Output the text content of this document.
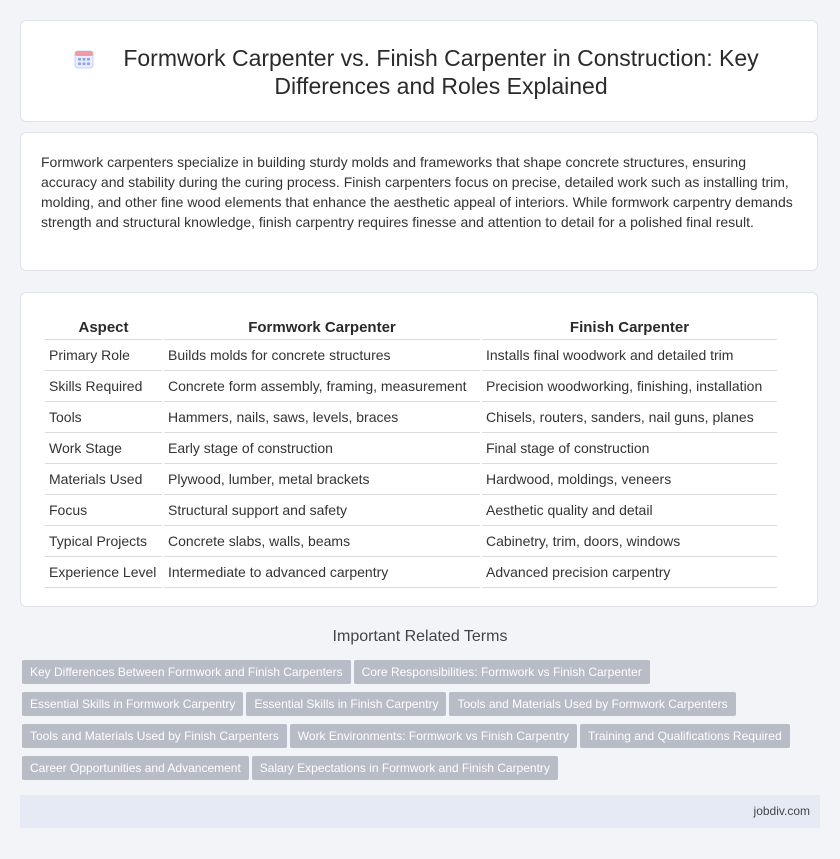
Formwork Carpenter vs. Finish Carpenter in Construction: Key Differences and Roles Explained

Formwork carpenters specialize in building sturdy molds and frameworks that shape concrete structures, ensuring accuracy and stability during the curing process. Finish carpenters focus on precise, detailed work such as installing trim, molding, and other fine wood elements that enhance the aesthetic appeal of interiors. While formwork carpentry demands strength and structural knowledge, finish carpentry requires finesse and attention to detail for a polished final result.

Aspect	Formwork Carpenter	Finish Carpenter
Primary Role	Builds molds for concrete structures	Installs final woodwork and detailed trim
Skills Required	Concrete form assembly, framing, measurement	Precision woodworking, finishing, installation
Tools	Hammers, nails, saws, levels, braces	Chisels, routers, sanders, nail guns, planes
Work Stage	Early stage of construction	Final stage of construction
Materials Used	Plywood, lumber, metal brackets	Hardwood, moldings, veneers
Focus	Structural support and safety	Aesthetic quality and detail
Typical Projects	Concrete slabs, walls, beams	Cabinetry, trim, doors, windows
Experience Level	Intermediate to advanced carpentry	Advanced precision carpentry
Important Related Terms
Key Differences Between Formwork and Finish Carpenters Core Responsibilities: Formwork vs Finish Carpenter
Essential Skills in Formwork Carpentry Essential Skills in Finish Carpentry Tools and Materials Used by Formwork Carpenters
Tools and Materials Used by Finish Carpenters Work Environments: Formwork vs Finish Carpentry Training and Qualifications Required
Career Opportunities and Advancement Salary Expectations in Formwork and Finish Carpentry
jobdiv.com
